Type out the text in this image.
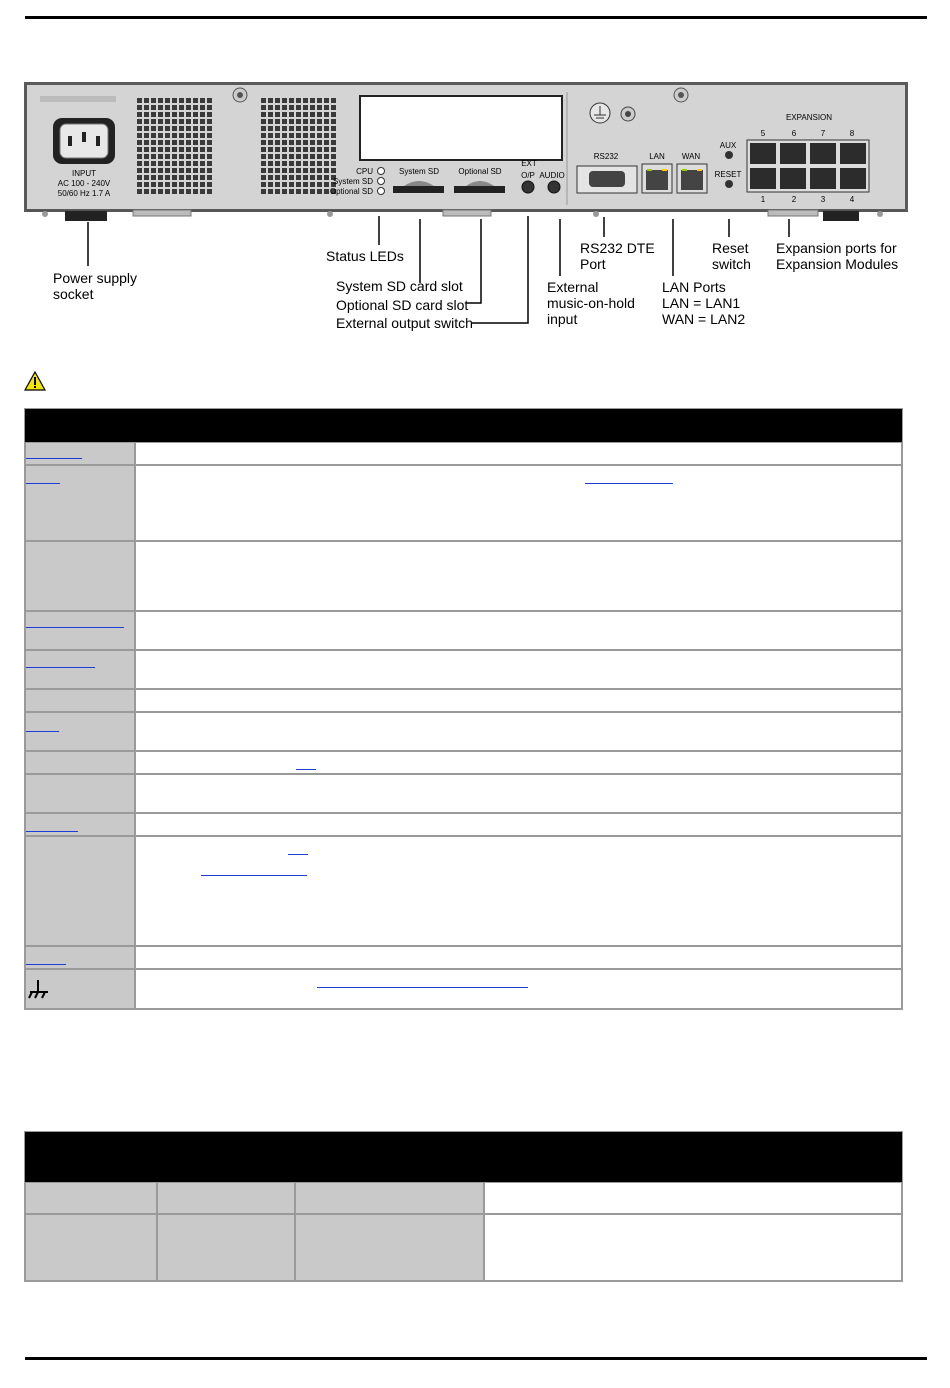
INPUT
AC 100 - 240V
50/60 Hz 1.7 A
CPU
System SD
Optional SD
System SD Optional SD
EXT
O/P AUDIO
RS232	LAN WAN
AUX
RESET
EXPANSION
5	6	7	8
1	2	3	4
Power supply
socket
Status LEDs
System SD card slot
Optional SD card slot
External output switch
External
music-on-hold
input
RS232 DTE
Port
LAN Ports
LAN = LAN1
WAN = LAN2
Reset
switch
Expansion ports for
Expansion Modules
